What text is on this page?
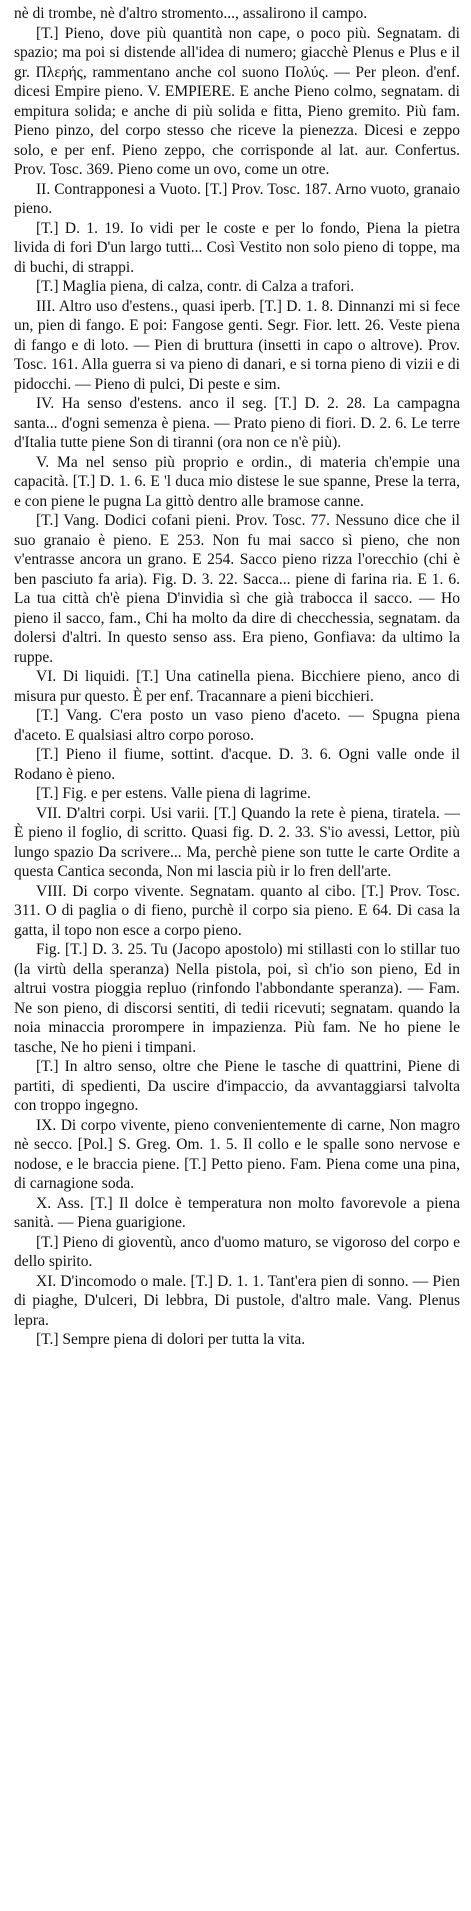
nè di trombe, nè d'altro stromento..., assalirono il campo.

[T.] Pieno, dove più quantità non cape, o poco più. Segnatam. di spazio; ma poi si distende all'idea di numero; giacchè Plenus e Plus e il gr. Πλερής, rammentano anche col suono Πολύς. — Per pleon. d'enf. dicesi Empire pieno. V. EMPIERE. E anche Pieno colmo, segnatam. di empitura solida; e anche di più solida e fitta, Pieno gremito. Più fam. Pieno pinzo, del corpo stesso che riceve la pienezza. Dicesi e zeppo solo, e per enf. Pieno zeppo, che corrisponde al lat. aur. Confertus. Prov. Tosc. 369. Pieno come un ovo, come un otre.

II. Contrapponesi a Vuoto. [T.] Prov. Tosc. 187. Arno vuoto, granaio pieno.

[T.] D. 1. 19. Io vidi per le coste e per lo fondo, Piena la pietra livida di fori D'un largo tutti... Così Vestito non solo pieno di toppe, ma di buchi, di strappi.

[T.] Maglia piena, di calza, contr. di Calza a trafori.

III. Altro uso d'estens., quasi iperb. [T.] D. 1. 8. Dinnanzi mi si fece un, pien di fango. E poi: Fangose genti. Segr. Fior. lett. 26. Veste piena di fango e di loto. — Pien di bruttura (insetti in capo o altrove). Prov. Tosc. 161. Alla guerra si va pieno di danari, e si torna pieno di vizii e di pidocchi. — Pieno di pulci, Di peste e sim.

IV. Ha senso d'estens. anco il seg. [T.] D. 2. 28. La campagna santa... d'ogni semenza è piena. — Prato pieno di fiori. D. 2. 6. Le terre d'Italia tutte piene Son di tiranni (ora non ce n'è più).

V. Ma nel senso più proprio e ordin., di materia ch'empie una capacità. [T.] D. 1. 6. E 'l duca mio distese le sue spanne, Prese la terra, e con piene le pugna La gittò dentro alle bramose canne.

[T.] Vang. Dodici cofani pieni. Prov. Tosc. 77. Nessuno dice che il suo granaio è pieno. E 253. Non fu mai sacco sì pieno, che non v'entrasse ancora un grano. E 254. Sacco pieno rizza l'orecchio (chi è ben pasciuto fa aria). Fig. D. 3. 22. Sacca... piene di farina ria. E 1. 6. La tua città ch'è piena D'invidia sì che già trabocca il sacco. — Ho pieno il sacco, fam., Chi ha molto da dire di checchessia, segnatam. da dolersi d'altri. In questo senso ass. Era pieno, Gonfiava: da ultimo la ruppe.

VI. Di liquidi. [T.] Una catinella piena. Bicchiere pieno, anco di misura pur questo. È per enf. Tracannare a pieni bicchieri.

[T.] Vang. C'era posto un vaso pieno d'aceto. — Spugna piena d'aceto. E qualsiasi altro corpo poroso.

[T.] Pieno il fiume, sottint. d'acque. D. 3. 6. Ogni valle onde il Rodano è pieno.

[T.] Fig. e per estens. Valle piena di lagrime.

VII. D'altri corpi. Usi varii. [T.] Quando la rete è piena, tiratela. — È pieno il foglio, di scritto. Quasi fig. D. 2. 33. S'io avessi, Lettor, più lungo spazio Da scrivere... Ma, perchè piene son tutte le carte Ordite a questa Cantica seconda, Non mi lascia più ir lo fren dell'arte.

VIII. Di corpo vivente. Segnatam. quanto al cibo. [T.] Prov. Tosc. 311. O di paglia o di fieno, purchè il corpo sia pieno. E 64. Di casa la gatta, il topo non esce a corpo pieno.

Fig. [T.] D. 3. 25. Tu (Jacopo apostolo) mi stillasti con lo stillar tuo (la virtù della speranza) Nella pistola, poi, sì ch'io son pieno, Ed in altrui vostra pioggia repluo (rinfondo l'abbondante speranza). — Fam. Ne son pieno, di discorsi sentiti, di tedii ricevuti; segnatam. quando la noia minaccia prorompere in impazienza. Più fam. Ne ho piene le tasche, Ne ho pieni i timpani.

[T.] In altro senso, oltre che Piene le tasche di quattrini, Piene di partiti, di spedienti, Da uscire d'impaccio, da avvantaggiarsi talvolta con troppo ingegno.

IX. Di corpo vivente, pieno convenientemente di carne, Non magro nè secco. [Pol.] S. Greg. Om. 1. 5. Il collo e le spalle sono nervose e nodose, e le braccia piene. [T.] Petto pieno. Fam. Piena come una pina, di carnagione soda.

X. Ass. [T.] Il dolce è temperatura non molto favorevole a piena sanità. — Piena guarigione.

[T.] Pieno di gioventù, anco d'uomo maturo, se vigoroso del corpo e dello spirito.

XI. D'incomodo o male. [T.] D. 1. 1. Tant'era pien di sonno. — Pien di piaghe, D'ulceri, Di lebbra, Di pustole, d'altro male. Vang. Plenus lepra.

[T.] Sempre piena di dolori per tutta la vita.
